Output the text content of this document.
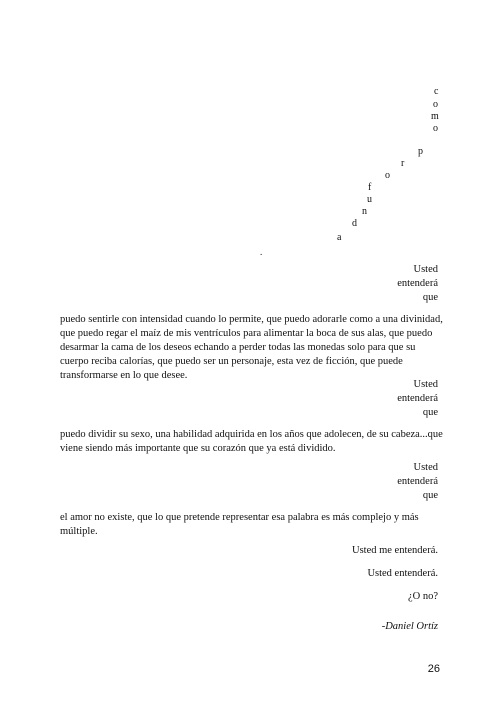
c
o
m
o
p
r
o
f
u
n
d
a
.
Usted
entenderá
que
puedo sentirle con intensidad cuando lo permite, que puedo adorarle como a una divinidad, que puedo regar el maíz de mis ventrículos para alimentar la boca de sus alas, que puedo desarmar la cama de los deseos echando a perder todas las monedas solo para que su cuerpo reciba calorías, que puedo ser un personaje, esta vez de ficción, que puede transformarse en lo que desee.
Usted
entenderá
que
puedo dividir su sexo, una habilidad adquirida en los años que adolecen, de su cabeza...que viene siendo más importante que su corazón que ya está dividido.
Usted
entenderá
que
el amor no existe, que lo que pretende representar esa palabra es más complejo y más múltiple.
Usted me entenderá.
Usted entenderá.
¿O no?
-Daniel Ortíz
26
